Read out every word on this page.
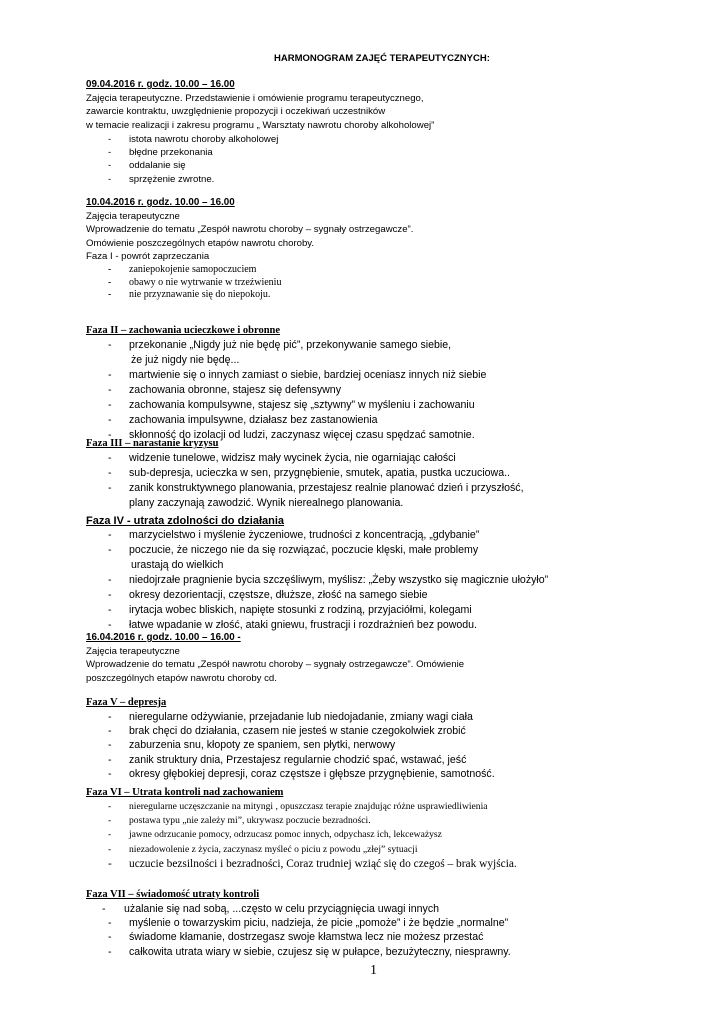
HARMONOGRAM ZAJĘĆ TERAPEUTYCZNYCH:
09.04.2016 r. godz. 10.00 – 16.00
Zajęcia terapeutyczne. Przedstawienie i omówienie programu terapeutycznego,
zawarcie kontraktu, uwzględnienie propozycji i oczekiwań uczestników
w temacie realizacji i zakresu programu „ Warsztaty nawrotu choroby alkoholowej”
- istota nawrotu choroby alkoholowej
- błędne przekonania
- oddalanie się
- sprzężenie zwrotne.
10.04.2016 r. godz. 10.00 – 16.00
Zajęcia terapeutyczne
Wprowadzenie do tematu „Zespół nawrotu choroby – sygnały ostrzegawcze”.
Omówienie poszczególnych etapów nawrotu choroby.
Faza I - powrót zaprzeczania
- zaniepokojenie samopoczuciem
- obawy o nie wytrwanie w trzeźwieniu
- nie przyznawanie się do niepokoju.
Faza II – zachowania ucieczkowe i obronne
- przekonanie „Nigdy już nie będę pić”, przekonywanie samego siebie,
że już nigdy nie będę...
- martwienie się o innych zamiast o siebie, bardziej oceniasz innych niż siebie
- zachowania obronne, stajesz się defensywny
- zachowania kompulsywne, stajesz się „sztywny” w myśleniu i zachowaniu
- zachowania impulsywne, działasz bez zastanowienia
- skłonność do izolacji od ludzi, zaczynasz więcej czasu spędzać samotnie.
Faza III – narastanie kryzysu
- widzenie tunelowe, widzisz mały wycinek życia, nie ogarniając całości
- sub-depresja, ucieczka w sen, przygnębienie, smutek, apatia, pustka uczuciowa..
- zanik konstruktywnego planowania, przestajesz realnie planować dzień i przyszłość,
plany zaczynają zawodzić. Wynik nierealnego planowania.
Faza IV - utrata zdolności do działania
- marzycielstwo i myślenie życzeniowe, trudności z koncentracją, „gdybanie”
- poczucie, że niczego nie da się rozwiązać, poczucie klęski, małe problemy
urastają do wielkich
- niedojrzałe pragnienie bycia szczęśliwym, myślisz: „Żeby wszystko się magicznie ułożyło”
- okresy dezorientacji, częstsze, dłuższe, złość na samego siebie
- irytacja wobec bliskich, napięte stosunki z rodziną, przyjaciółmi, kolegami
- łatwe wpadanie w złość, ataki gniewu, frustracji i rozdrażnień bez powodu.
16.04.2016 r. godz. 10.00 – 16.00 -
Zajęcia terapeutyczne
Wprowadzenie do tematu „Zespół nawrotu choroby – sygnały ostrzegawcze”. Omówienie
poszczególnych etapów nawrotu choroby cd.
Faza V – depresja
- nieregularne odżywianie, przejadanie lub niedojadanie, zmiany wagi ciała
- brak chęci do działania, czasem nie jesteś w stanie czegokolwiek zrobić
- zaburzenia snu, kłopoty ze spaniem, sen płytki, nerwowy
- zanik struktury dnia, Przestajesz regularnie chodzić spać, wstawać, jeść
- okresy głębokiej depresji, coraz częstsze i głębsze przygnębienie, samotność.
Faza VI – Utrata kontroli nad zachowaniem
- nieregularne uczęszczanie na mityngi , opuszczasz terapie znajdując różne usprawiedliwienia
- postawa typu „nie zależy mi”, ukrywasz poczucie bezradności.
- jawne odrzucanie pomocy, odrzucasz pomoc innych, odpychasz ich, lekceważysz
- niezadowolenie z życia, zaczynasz myśleć o piciu z powodu „złej” sytuacji
- uczucie bezsilności i bezradności, Coraz trudniej wziąć się do czegoś – brak wyjścia.
Faza VII – świadomość utraty kontroli
- użalanie się nad sobą, ...często w celu przyciągnięcia uwagi innych
- myślenie o towarzyskim piciu, nadzieja, że picie „pomoże” i że będzie „normalne”
- świadome kłamanie, dostrzegasz swoje kłamstwa lecz nie możesz przestać
- całkowita utrata wiary w siebie, czujesz się w pułapce, bezużyteczny, niesprawny.
1
